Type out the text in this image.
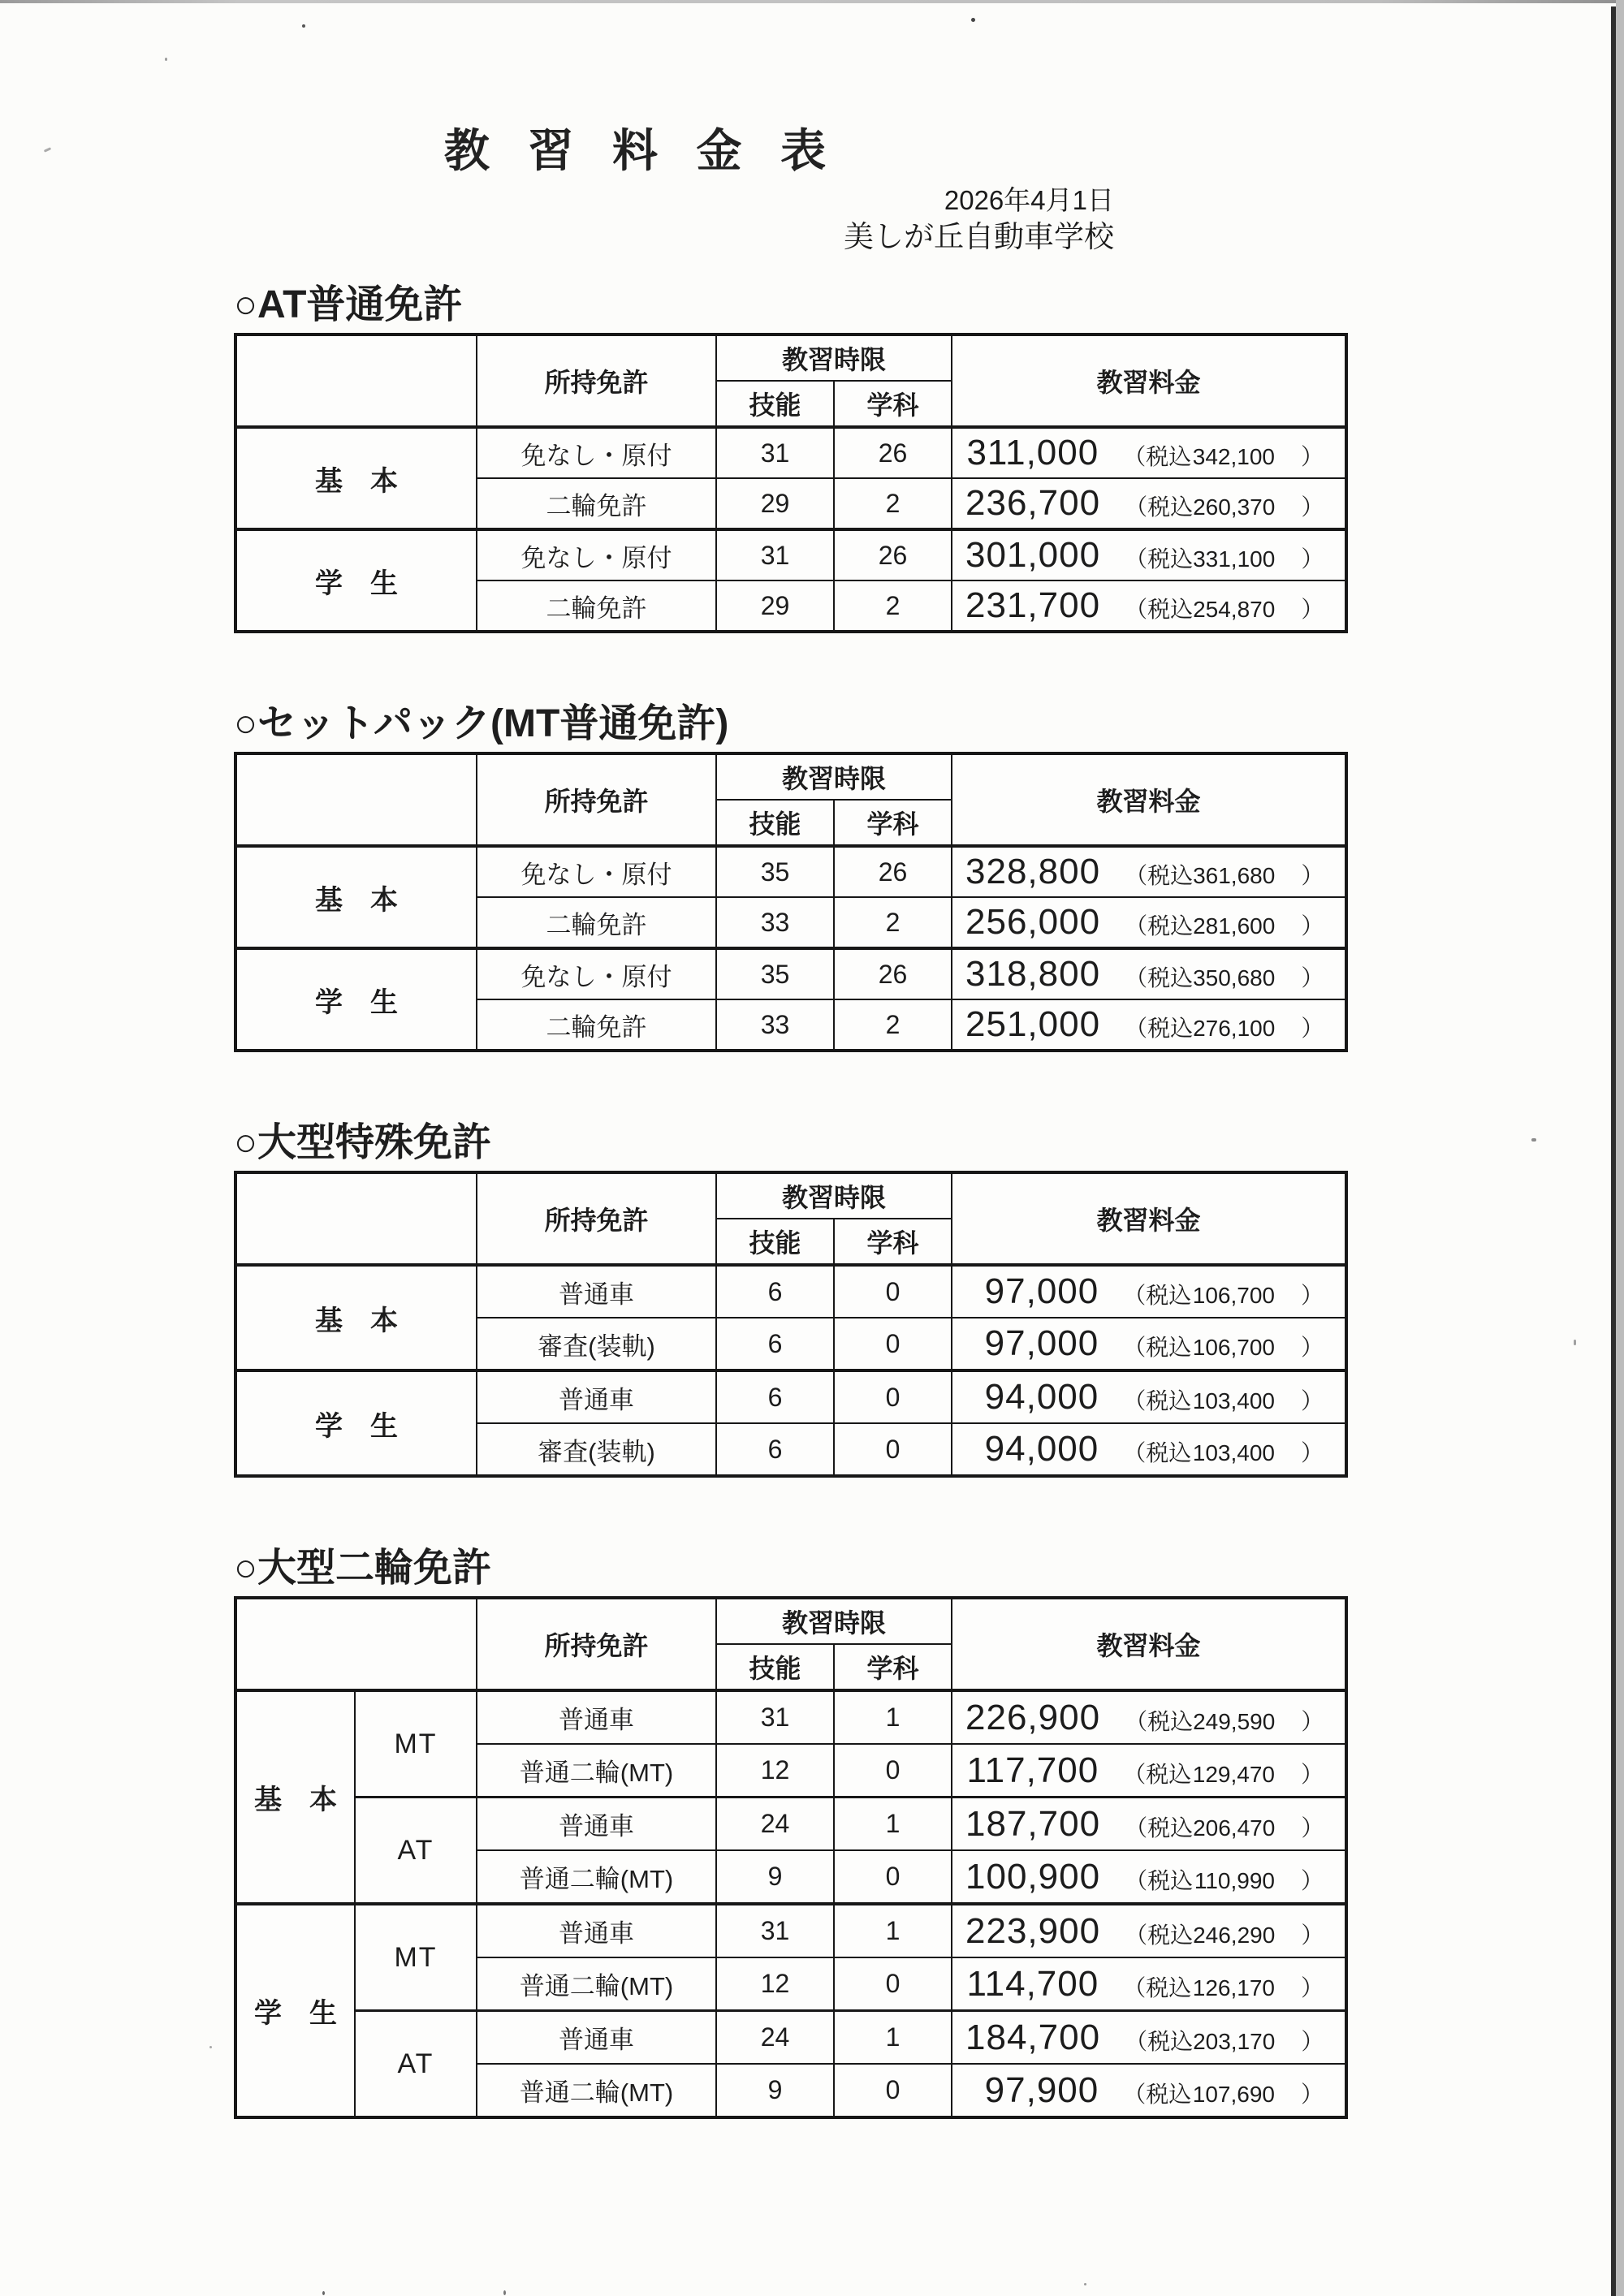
教 習 料 金 表
2026年4月1日
美しが丘自動車学校
○AT普通免許
	所持免許	教習時限		教習料金
		技能	学科	
基　本	免なし・原付	31	26	311,000 （税込 342,100 ）

	二輪免許	29	2	236,700 （税込 260,370 ）

学　生	免なし・原付	31	26	301,000 （税込 331,100 ）

	二輪免許	29	2	231,700 （税込 254,870 ）
○セットパック(MT普通免許)
	所持免許	教習時限		教習料金
		技能	学科	
基　本	免なし・原付	35	26	328,800 （税込 361,680 ）

	二輪免許	33	2	256,000 （税込 281,600 ）

学　生	免なし・原付	35	26	318,800 （税込 350,680 ）

	二輪免許	33	2	251,000 （税込 276,100 ）
○大型特殊免許
	所持免許	教習時限		教習料金
		技能	学科	
基　本	普通車	6	0	97,000 （税込 106,700 ）

	審査(装軌)	6	0	97,000 （税込 106,700 ）

学　生	普通車	6	0	94,000 （税込 103,400 ）

	審査(装軌)	6	0	94,000 （税込 103,400 ）
○大型二輪免許
		所持免許	教習時限		教習料金
			技能	学科	
基　本	MT	普通車	31	1	226,900 （税込 249,590 ）

		普通二輪(MT)	12	0	117,700 （税込 129,470 ）

	AT	普通車	24	1	187,700 （税込 206,470 ）

		普通二輪(MT)	9	0	100,900 （税込 110,990 ）

学　生	MT	普通車	31	1	223,900 （税込 246,290 ）

		普通二輪(MT)	12	0	114,700 （税込 126,170 ）

	AT	普通車	24	1	184,700 （税込 203,170 ）

		普通二輪(MT)	9	0	97,900 （税込 107,690 ）
